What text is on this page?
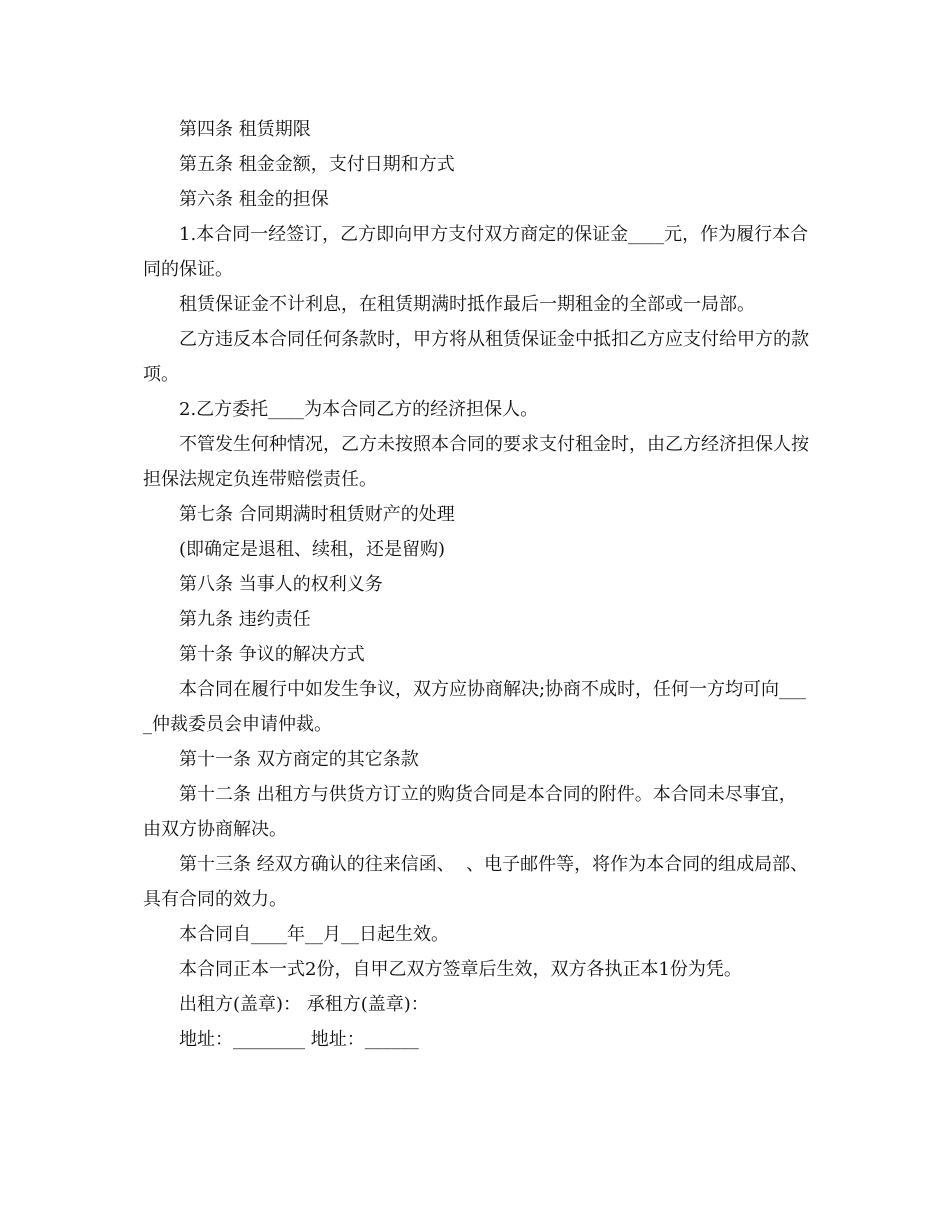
第四条 租赁期限

第五条 租金金额，支付日期和方式

第六条 租金的担保

1.本合同一经签订，乙方即向甲方支付双方商定的保证金____元，作为履行本合同的保证。

租赁保证金不计利息，在租赁期满时抵作最后一期租金的全部或一局部。

乙方违反本合同任何条款时，甲方将从租赁保证金中抵扣乙方应支付给甲方的款项。

2.乙方委托____为本合同乙方的经济担保人。

不管发生何种情况，乙方未按照本合同的要求支付租金时，由乙方经济担保人按担保法规定负连带赔偿责任。

第七条 合同期满时租赁财产的处理

(即确定是退租、续租，还是留购)

第八条 当事人的权利义务

第九条 违约责任

第十条 争议的解决方式

本合同在履行中如发生争议，双方应协商解决;协商不成时，任何一方均可向____仲裁委员会申请仲裁。

第十一条 双方商定的其它条款

第十二条 出租方与供货方订立的购货合同是本合同的附件。本合同未尽事宜，由双方协商解决。

第十三条 经双方确认的往来信函、  、电子邮件等，将作为本合同的组成局部、具有合同的效力。

本合同自____年__月__日起生效。

本合同正本一式2份，自甲乙双方签章后生效，双方各执正本1份为凭。

出租方(盖章)： 承租方(盖章)：

地址：________ 地址：______
